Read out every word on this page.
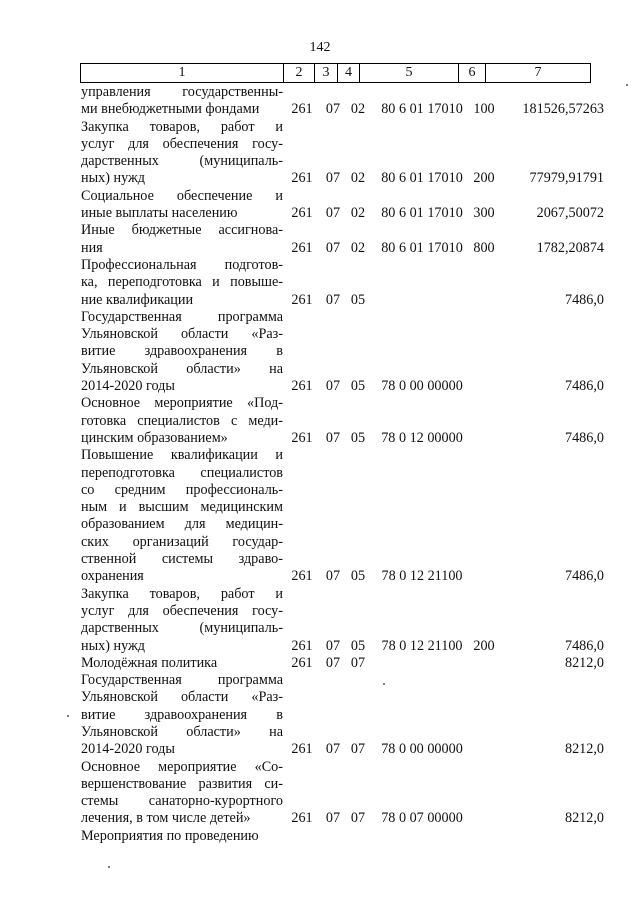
142
1	2	3	4	5	6	7
управления государственны-
ми внебюджетными фондами	261 07 02	80 6 01 17010 100	181526,57263
Закупка товаров, работ и
услуг для обеспечения госу-
дарственных (муниципаль-
ных) нужд	261 07 02	80 6 01 17010 200	77979,91791
Социальное обеспечение и
иные выплаты населению	261 07 02	80 6 01 17010 300	2067,50072
Иные бюджетные ассигнова-
ния	261 07 02	80 6 01 17010 800	1782,20874
Профессиональная подготов-
ка, переподготовка и повыше-
ние квалификации	261 07 05	7486,0
Государственная программа
Ульяновской области «Раз-
витие здравоохранения в
Ульяновской области» на
2014-2020 годы	261 07 05	78 0 00 00000	7486,0
Основное мероприятие «Под-
готовка специалистов с меди-
цинским образованием»	261 07 05	78 0 12 00000	7486,0
Повышение квалификации и
переподготовка специалистов
со средним профессиональ-
ным и высшим медицинским
образованием для медицин-
ских организаций государ-
ственной системы здраво-
охранения	261 07 05	78 0 12 21100	7486,0
Закупка товаров, работ и
услуг для обеспечения госу-
дарственных (муниципаль-
ных) нужд	261 07 05	78 0 12 21100 200	7486,0
Молодёжная политика	261 07 07	8212,0
Государственная программа
Ульяновской области «Раз-
витие здравоохранения в
Ульяновской области» на
2014-2020 годы	261 07 07	78 0 00 00000	8212,0
Основное мероприятие «Со-
вершенствование развития си-
стемы санаторно-курортного
лечения, в том числе детей»	261 07 07	78 0 07 00000	8212,0
Мероприятия по проведению
